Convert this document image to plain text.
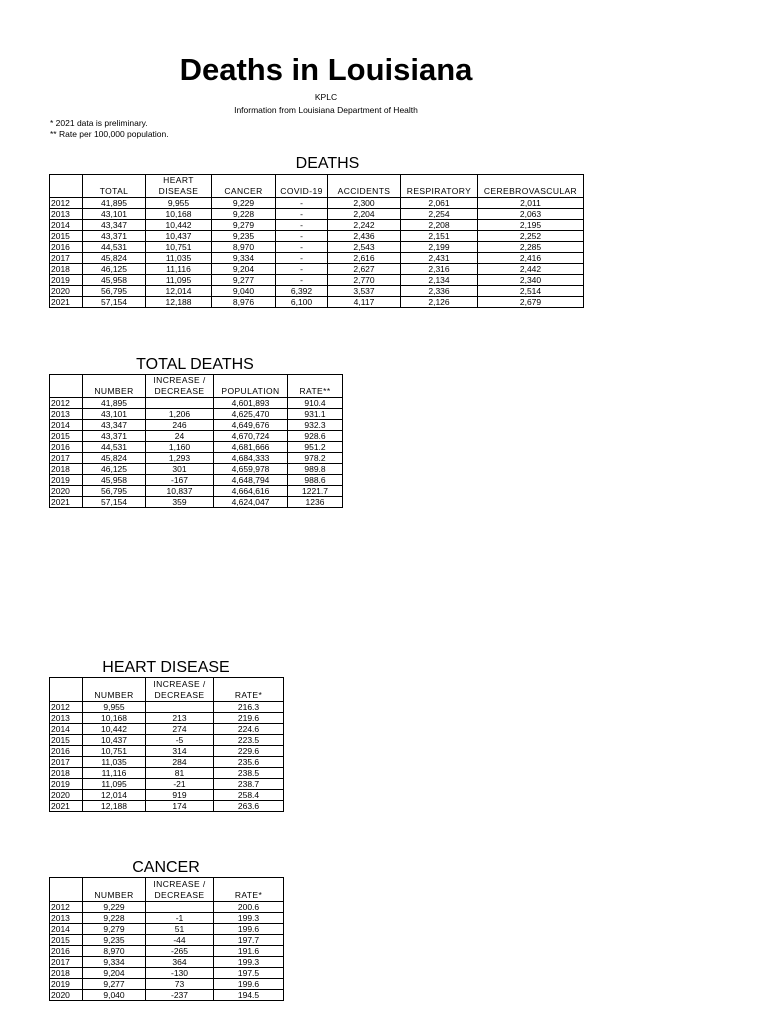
Deaths in Louisiana
KPLC
Information from Louisiana Department of Health
* 2021 data is preliminary.
** Rate per 100,000 population.
DEATHS
	TOTAL	HEART
DISEASE	CANCER	COVID-19	ACCIDENTS	RESPIRATORY	CEREBROVASCULAR
2012	41,895	9,955	9,229	-	2,300	2,061	2,011
2013	43,101	10,168	9,228	-	2,204	2,254	2,063
2014	43,347	10,442	9,279	-	2,242	2,208	2,195
2015	43,371	10,437	9,235	-	2,436	2,151	2,252
2016	44,531	10,751	8,970	-	2,543	2,199	2,285
2017	45,824	11,035	9,334	-	2,616	2,431	2,416
2018	46,125	11,116	9,204	-	2,627	2,316	2,442
2019	45,958	11,095	9,277	-	2,770	2,134	2,340
2020	56,795	12,014	9,040	6,392	3,537	2,336	2,514
2021	57,154	12,188	8,976	6,100	4,117	2,126	2,679
TOTAL DEATHS
	NUMBER	INCREASE /
DECREASE	POPULATION	RATE**
2012	41,895		4,601,893	910.4
2013	43,101	1,206	4,625,470	931.1
2014	43,347	246	4,649,676	932.3
2015	43,371	24	4,670,724	928.6
2016	44,531	1,160	4,681,666	951.2
2017	45,824	1,293	4,684,333	978.2
2018	46,125	301	4,659,978	989.8
2019	45,958	-167	4,648,794	988.6
2020	56,795	10,837	4,664,616	1221.7
2021	57,154	359	4,624,047	1236
HEART DISEASE
	NUMBER	INCREASE /
DECREASE	RATE*
2012	9,955		216.3
2013	10,168	213	219.6
2014	10,442	274	224.6
2015	10,437	-5	223.5
2016	10,751	314	229.6
2017	11,035	284	235.6
2018	11,116	81	238.5
2019	11,095	-21	238.7
2020	12,014	919	258.4
2021	12,188	174	263.6
CANCER
	NUMBER	INCREASE /
DECREASE	RATE*
2012	9,229		200.6
2013	9,228	-1	199.3
2014	9,279	51	199.6
2015	9,235	-44	197.7
2016	8,970	-265	191.6
2017	9,334	364	199.3
2018	9,204	-130	197.5
2019	9,277	73	199.6
2020	9,040	-237	194.5
